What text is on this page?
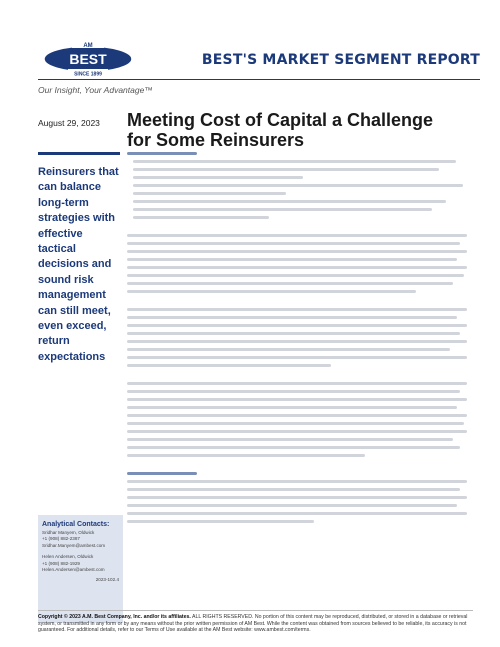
AM
BEST
SINCE 1899
BEST'S MARKET SEGMENT REPORT
Our Insight, Your Advantage™
August 29, 2023 Meeting Cost of Capital a Challenge
for Some Reinsurers
Reinsurers that can balance long-term strategies with effective tactical decisions and sound risk management can still meet, even exceed, return expectations
Analytical Contacts:
Sridhar Manyem, Oldwick
+1 (908) 882-2387
Sridhar.Manyem@ambest.com
Helen Andersen, Oldwick
+1 (908) 882-1929
Helen.Andersen@ambest.com
2023-102.4
Copyright © 2023 A.M. Best Company, Inc. and/or its affiliates. ALL RIGHTS RESERVED. No portion of this content may be reproduced, distributed, or stored in a database or retrieval system, or transmitted in any form or by any means without the prior written permission of AM Best. While the content was obtained from sources believed to be reliable, its accuracy is not guaranteed. For additional details, refer to our Terms of Use available at the AM Best website: www.ambest.com/terms.
